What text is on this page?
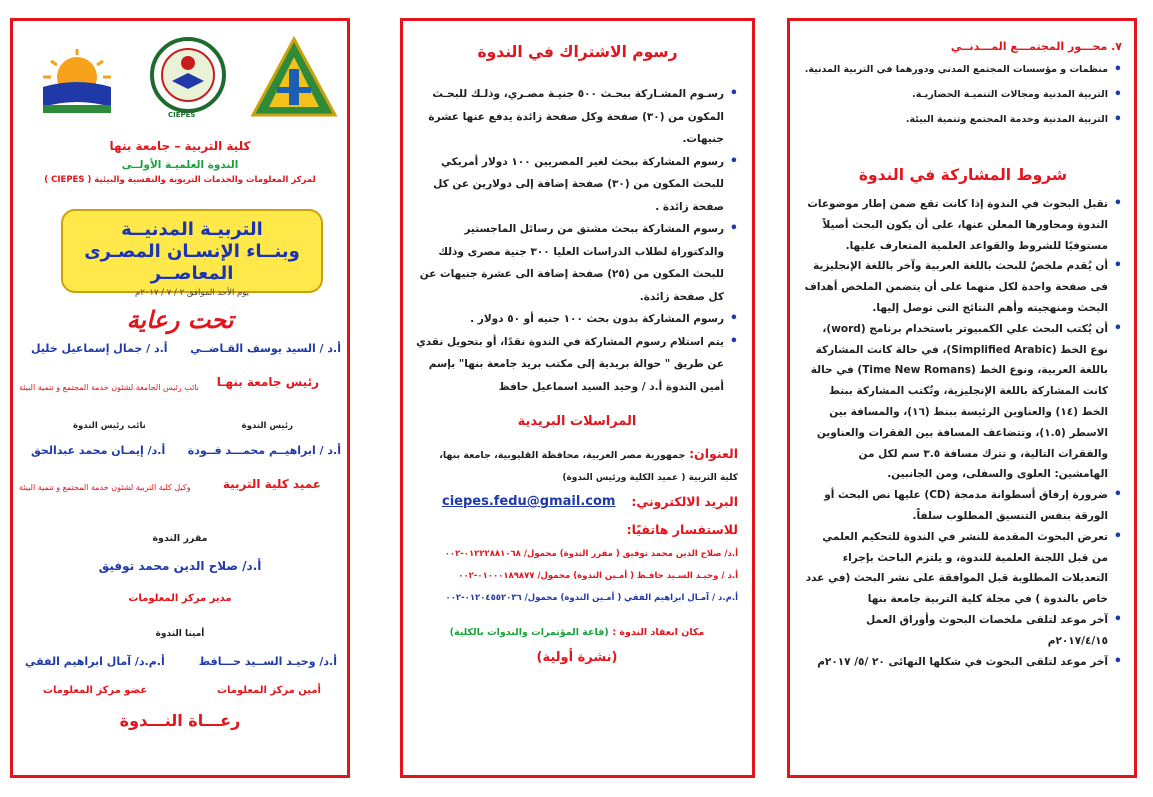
CIEPES
كلية التربية – جامعة بنها
الندوة العلميـة الأولــى
لمركز المعلومات والخدمات التربوية والنفسية والبيئية ( CIEPES )
التربيـة المدنيــة
وبنــاء الإنسـان المصـرى المعاصــر
يوم الأحد الموافق ٢ / ٧ / ٢٠١٧م
تحت رعاية
أ.د / السيد يوسف القـاضــي
رئيس جامعة بنهـا
أ.د / جمال إسماعيل خليل
نائب رئيس الجامعة لشئون خدمة المجتمع و تنمية البيئة
رئيس الندوة
نائب رئيس الندوة
أ.د / ابراهيــم محمـــد فــودة
أ.د/ إيمـان محمد عبدالحق
عميد كلية التربية
وكيل كلية التربية لشئون خدمة المجتمع و تنمية البيئة
مقرر الندوة
أ.د/ صلاح الدين محمد توفيق
مدير مركز المعلومات
أمينا الندوة
أ.د/ وحيـد الســيد حـــافظ
أ.م.د/ آمال ابراهيم الفقي
أمين مركز المعلومات
عضو مركز المعلومات
رعـــاة النـــدوة
رسوم الاشتراك في الندوة
• رسـوم المشـاركة ببحـث ٥٠٠ جنيـة مصـري، وذلـك للبحـث المكون من (٣٠) صفحة وكل صفحة زائدة يدفع عنها عشرة جنيهات.
• رسوم المشاركة ببحث لغير المصريين ١٠٠ دولار أمريكي للبحث المكون من (٣٠) صفحة إضافة إلى دولارين عن كل صفحة زائدة .
• رسوم المشاركة ببحث مشتق من رسائل الماجستير والدكتوراة لطلاب الدراسات العليا ٣٠٠ جنية مصرى وذلك للبحث المكون من (٢٥) صفحة إضافة الى عشرة جنيهات عن كل صفحة زائدة.
• رسوم المشاركة بدون بحث ١٠٠ جنيه أو ٥٠ دولار .
• يتم استلام رسوم المشاركة في الندوة نقدًا، أو بتحويل نقدي عن طريق " حوالة بريدية إلى مكتب بريد جامعة بنها" بإسم أمين الندوة أ.د / وحيد السيد اسماعيل حافظ
المراسلات البريدية
العنوان: جمهورية مصر العربية، محافظة القليوبية، جامعة بنها،
كلية التربية ( عميد الكلية ورئيس الندوة)
البريد الالكتروني:
ciepes.fedu@gmail.com
للاستفسار هاتفيًا:
أ.د/ صلاح الدين محمد توفيق ( مقرر الندوة) محمول/ ٠١٢٢٢٨٨١٠٦٨-٠٠٢
أ.د / وحيـد السـيد حافـظ ( أمـين الندوة) محمول/ ٠١٠٠٠١٨٩٨٧٧-٠٠٢
أ.م.د / آمـال ابراهيم الفقي ( أمـين الندوة) محمول/ ٠١٢٠٤٥٥٢٠٣٦-٠٠٢
مكان انعقاد الندوة : (قاعة المؤتمرات والندوات بالكلية)
(نشرة أولية)
٧. محـــور المجتمـــع المـــدنــي
• منظمات و مؤسسات المجتمع المدني ودورهما في التربية المدنية.
• التربية المدنية ومجالات التنميـة الحضاريـة.
• التربية المدنية وخدمة المجتمع وتنمية البيئة.
شروط المشاركة في الندوة
• تقبل البحوث في الندوة إذا كانت تقع ضمن إطار موضوعات الندوة ومحاورها المعلن عنها، على أن يكون البحث أصيلاً مستوفيًا للشروط والقواعد العلمية المتعارف عليها.
• أن يُقدم ملخصٌ للبحث باللغة العربية وآخر باللغة الإنجليزية فى صفحة واحدة لكل منهما على أن يتضمن الملخص أهداف البحث ومنهجيته وأهم النتائج التى توصل إليها.
• أن يُكتب البحث علي الكمبيوتر باستخدام برنامج (word)، نوع الخط (Simplified Arabic)، في حالة كانت المشاركة باللغة العربية، ونوع الخط (Time New Romans) في حالة كانت المشاركة باللغة الإنجليزية، وتُكتب المشاركة ببنط الخط (١٤) والعناوين الرئيسة ببنط (١٦)، والمسافة بين الاسطر (١.٥)، وتتضاعف المسافة بين الفقرات والعناوين والفقرات التالية، و تترك مسافة ٣.٥ سم لكل من الهامشين: العلوى والسفلى، ومن الجانبين.
• ضرورة إرفاق أسطوانة مدمجة (CD) عليها نص البحث أو الورقة بنفس التنسيق المطلوب سلفاً.
• تعرض البحوث المقدمة للنشر في الندوة للتحكيم العلمي من قبل اللجنة العلمية للندوة، و يلتزم الباحث بإجراء التعديلات المطلوبة قبل الموافقة على نشر البحث (في عدد خاص بالندوة ) في مجلة كلية التربية جامعة بنها
• آخر موعد لتلقى ملخصات البحوث وأوراق العمل ٢٠١٧/٤/١٥م
• آخر موعد لتلقى البحوث في شكلها النهائى ٢٠ /٥/ ٢٠١٧م
